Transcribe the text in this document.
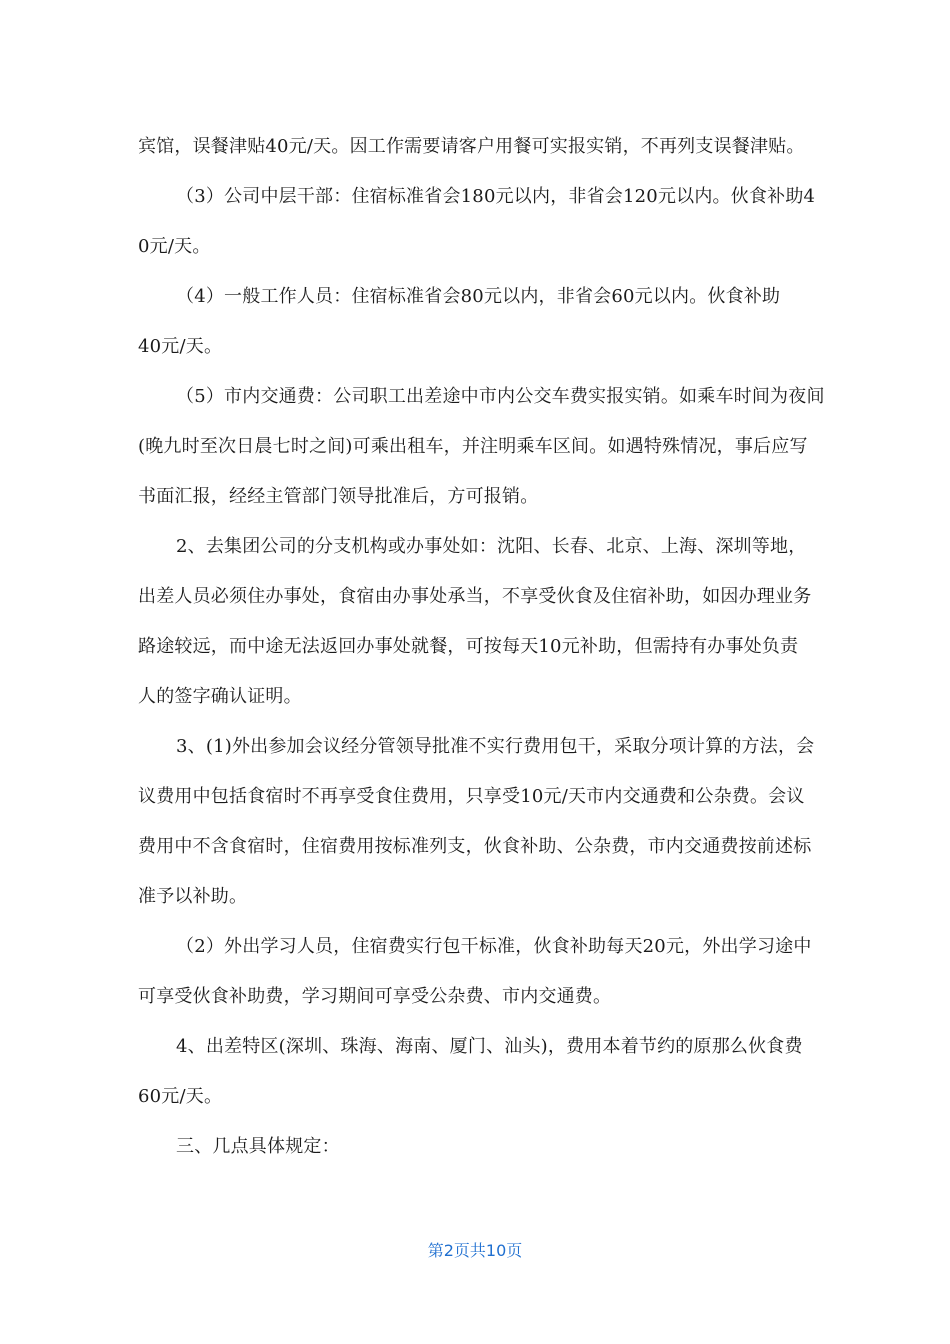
宾馆，误餐津贴40元/天。因工作需要请客户用餐可实报实销，不再列支误餐津贴。
（3）公司中层干部：住宿标准省会180元以内，非省会120元以内。伙食补助4
0元/天。
（4）一般工作人员：住宿标准省会80元以内，非省会60元以内。伙食补助
40元/天。
（5）市内交通费：公司职工出差途中市内公交车费实报实销。如乘车时间为夜间
(晚九时至次日晨七时之间)可乘出租车，并注明乘车区间。如遇特殊情况，事后应写
书面汇报，经经主管部门领导批准后，方可报销。
2、去集团公司的分支机构或办事处如：沈阳、长春、北京、上海、深圳等地，
出差人员必须住办事处，食宿由办事处承当，不享受伙食及住宿补助，如因办理业务
路途较远，而中途无法返回办事处就餐，可按每天10元补助，但需持有办事处负责
人的签字确认证明。
3、(1)外出参加会议经分管领导批准不实行费用包干，采取分项计算的方法，会
议费用中包括食宿时不再享受食住费用，只享受10元/天市内交通费和公杂费。会议
费用中不含食宿时，住宿费用按标准列支，伙食补助、公杂费，市内交通费按前述标
准予以补助。
（2）外出学习人员，住宿费实行包干标准，伙食补助每天20元，外出学习途中
可享受伙食补助费，学习期间可享受公杂费、市内交通费。
4、出差特区(深圳、珠海、海南、厦门、汕头)，费用本着节约的原那么伙食费
60元/天。
三、几点具体规定：
第2页共10页
